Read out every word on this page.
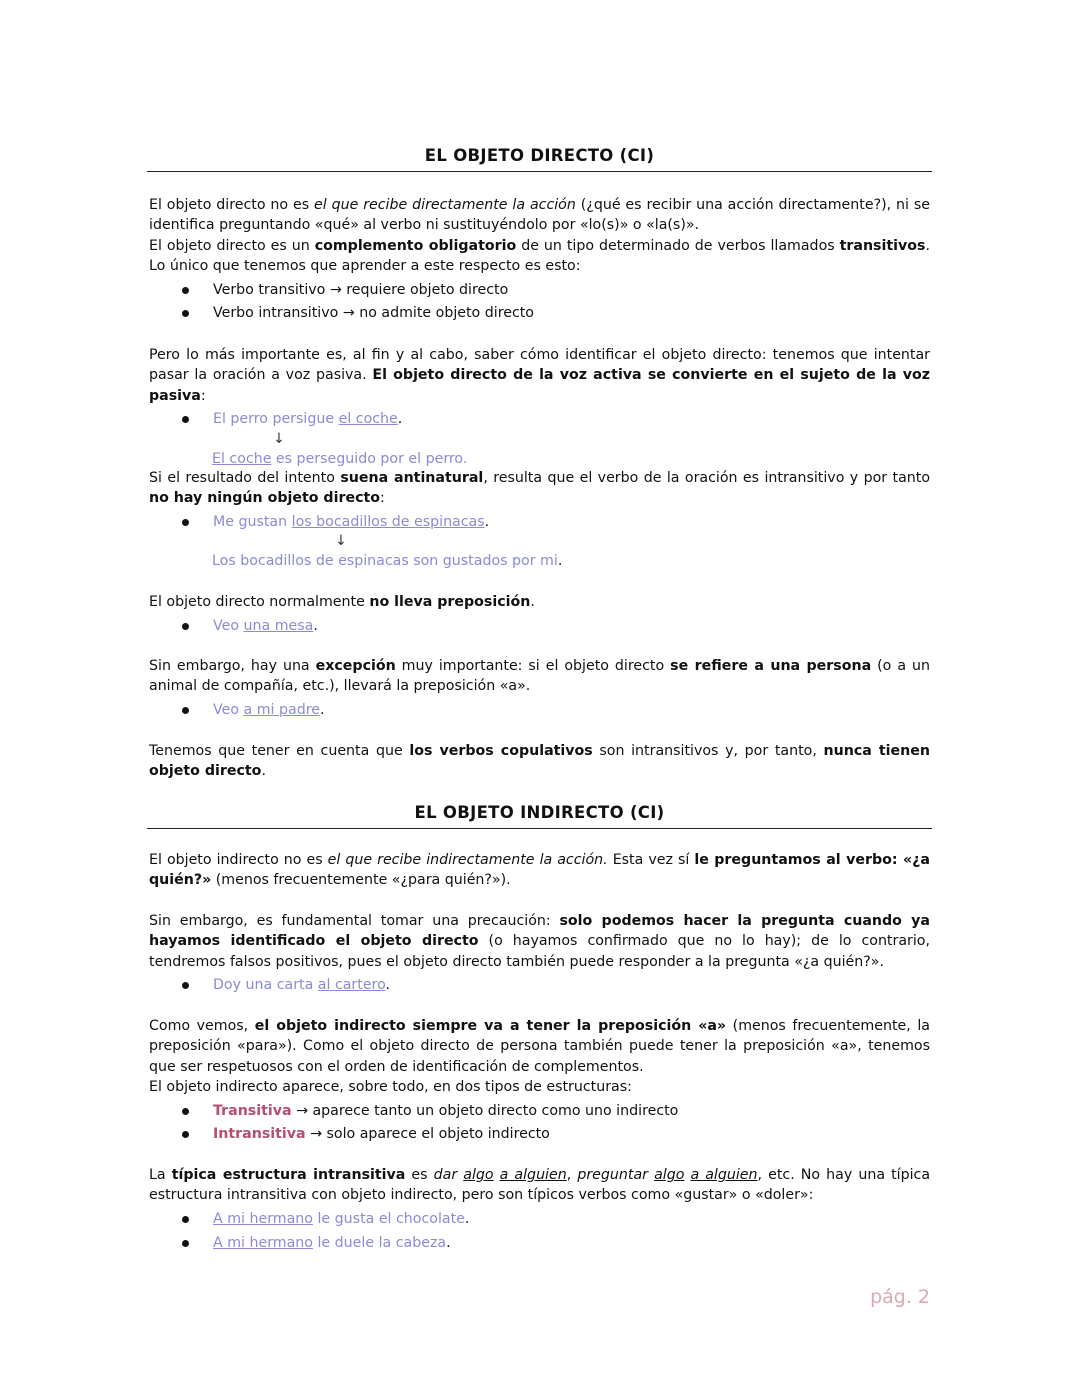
EL OBJETO DIRECTO (CI)

El objeto directo no es el que recibe directamente la acción (¿qué es recibir una acción directamente?), ni se identifica preguntando «qué» al verbo ni sustituyéndolo por «lo(s)» o «la(s)».

El objeto directo es un complemento obligatorio de un tipo determinado de verbos llamados transitivos. Lo único que tenemos que aprender a este respecto es esto:

Verbo transitivo → requiere objeto directo
Verbo intransitivo → no admite objeto directo

Pero lo más importante es, al fin y al cabo, saber cómo identificar el objeto directo: tenemos que intentar pasar la oración a voz pasiva. El objeto directo de la voz activa se convierte en el sujeto de la voz pasiva:

El perro persigue el coche.
↓
El coche es perseguido por el perro.

Si el resultado del intento suena antinatural, resulta que el verbo de la oración es intransitivo y por tanto no hay ningún objeto directo:

Me gustan los bocadillos de espinacas.
↓
Los bocadillos de espinacas son gustados por mi.

El objeto directo normalmente no lleva preposición.

Veo una mesa.

Sin embargo, hay una excepción muy importante: si el objeto directo se refiere a una persona (o a un animal de compañía, etc.), llevará la preposición «a».

Veo a mi padre.

Tenemos que tener en cuenta que los verbos copulativos son intransitivos y, por tanto, nunca tienen objeto directo.

EL OBJETO INDIRECTO (CI)

El objeto indirecto no es el que recibe indirectamente la acción. Esta vez sí le preguntamos al verbo: «¿a quién?» (menos frecuentemente «¿para quién?»).

Sin embargo, es fundamental tomar una precaución: solo podemos hacer la pregunta cuando ya hayamos identificado el objeto directo (o hayamos confirmado que no lo hay); de lo contrario, tendremos falsos positivos, pues el objeto directo también puede responder a la pregunta «¿a quién?».

Doy una carta al cartero.

Como vemos, el objeto indirecto siempre va a tener la preposición «a» (menos frecuentemente, la preposición «para»). Como el objeto directo de persona también puede tener la preposición «a», tenemos que ser respetuosos con el orden de identificación de complementos.

El objeto indirecto aparece, sobre todo, en dos tipos de estructuras:

Transitiva → aparece tanto un objeto directo como uno indirecto
Intransitiva → solo aparece el objeto indirecto

La típica estructura intransitiva es dar algo a alguien, preguntar algo a alguien, etc. No hay una típica estructura intransitiva con objeto indirecto, pero son típicos verbos como «gustar» o «doler»:

A mi hermano le gusta el chocolate.
A mi hermano le duele la cabeza.
pág. 2
